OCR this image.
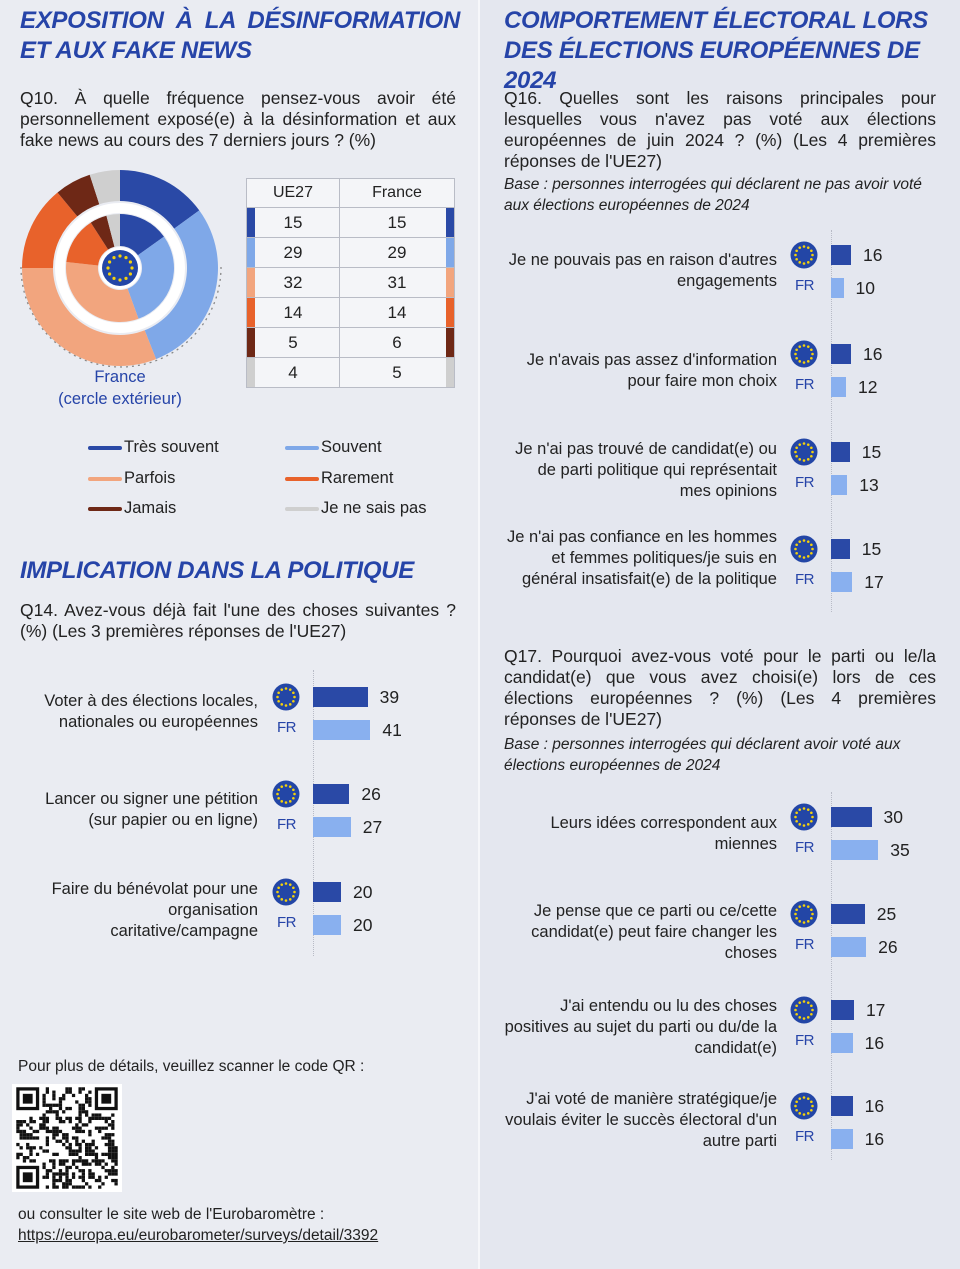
EXPOSITION À LA DÉSINFORMATION
ET AUX FAKE NEWS
Q10. À quelle fréquence pensez-vous avoir été personnellement exposé(e) à la désinformation et aux fake news au cours des 7 derniers jours ? (%)
France
(cercle extérieur)
UE27	France

15	15

29	29

32	31

14	14

5	6

4	5
Très souvent	Souvent
Parfois	Rarement
Jamais	Je ne sais pas
IMPLICATION DANS LA POLITIQUE
Q14. Avez-vous déjà fait l'une des choses suivantes ? (%) (Les 3 premières réponses de l'UE27)
Voter à des élections locales, nationales ou européennes FR
39
41
Lancer ou signer une pétition (sur papier ou en ligne) FR
26
27
Faire du bénévolat pour une organisation caritative/campagne FR
20
20
Pour plus de détails, veuillez scanner le code QR :
ou consulter le site web de l'Eurobaromètre :
https://europa.eu/eurobarometer/surveys/detail/3392
COMPORTEMENT ÉLECTORAL LORS
DES ÉLECTIONS EUROPÉENNES DE 2024
Q16. Quelles sont les raisons principales pour lesquelles vous n'avez pas voté aux élections européennes de juin 2024 ? (%) (Les 4 premières réponses de l'UE27)
Base : personnes interrogées qui déclarent ne pas avoir voté aux élections européennes de 2024
Je ne pouvais pas en raison d'autres engagements FR
16
10
Je n'avais pas assez d'information pour faire mon choix FR
16
12
Je n'ai pas trouvé de candidat(e) ou de parti politique qui représentait mes opinions FR
15
13
Je n'ai pas confiance en les hommes et femmes politiques/je suis en général insatisfait(e) de la politique FR
15
17
Q17. Pourquoi avez-vous voté pour le parti ou le/la candidat(e) que vous avez choisi(e) lors de ces élections européennes ? (%) (Les 4 premières réponses de l'UE27)
Base : personnes interrogées qui déclarent avoir voté aux élections européennes de 2024
Leurs idées correspondent aux miennes FR
30
35
Je pense que ce parti ou ce/cette candidat(e) peut faire changer les choses FR
25
26
J'ai entendu ou lu des choses positives au sujet du parti ou du/de la candidat(e) FR
17
16
J'ai voté de manière stratégique/je voulais éviter le succès électoral d'un autre parti FR
16
16
